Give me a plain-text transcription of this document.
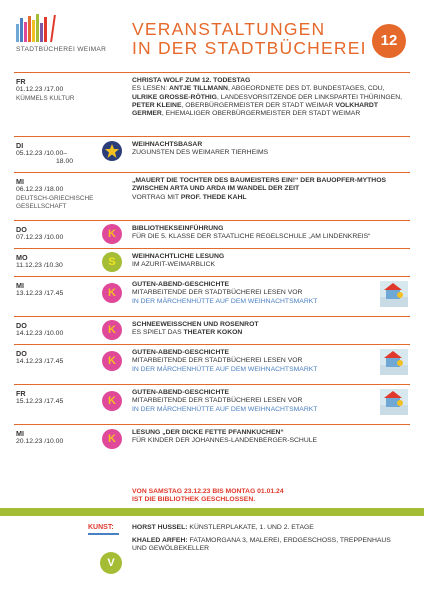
STADTBÜCHEREI WEIMAR
VERANSTALTUNGEN
IN DER STADTBÜCHEREI 12
FR
01.12.23 /17.00
KÜMMELS KULTUR
CHRISTA WOLF ZUM 12. TODESTAG
ES LESEN: ANTJE TILLMANN, ABGEORDNETE DES DT. BUNDESTAGES, CDU, ULRIKE GROSSE-RÖTHIG, LANDESVORSITZENDE DER LINKSPARTEI THÜRINGEN, PETER KLEINE, OBERBÜRGERMEISTER DER STADT WEIMAR VOLKHARDT GERMER, EHEMALIGER OBERBÜRGERMEISTER DER STADT WEIMAR
DI
05.12.23 /10.00–
18.00
WEIHNACHTSBASAR
ZUGUNSTEN DES WEIMARER TIERHEIMS
MI
06.12.23 /18.00
DEUTSCH-GRIECHISCHE GESELLSCHAFT
„MAUERT DIE TOCHTER DES BAUMEISTERS EIN!“ DER BAUOPFER-MYTHOS ZWISCHEN ARTA UND ARDA IM WANDEL DER ZEIT
VORTRAG MIT PROF. THEDE KAHL
DO
07.12.23 /10.00	K	BIBLIOTHEKSEINFÜHRUNG
FÜR DIE 5. KLASSE DER STAATLICHE REGELSCHULE „AM LINDENKREIS“
MO
11.12.23 /10.30	S	WEIHNACHTLICHE LESUNG
IM AZURIT-WEIMARBLICK
MI
13.12.23 /17.45	K
GUTEN-ABEND-GESCHICHTE
MITARBEITENDE DER STADTBÜCHEREI LESEN VOR
IN DER MÄRCHENHÜTTE AUF DEM WEIHNACHTSMARKT
DO
14.12.23 /10.00	K	SCHNEEWEISSCHEN UND ROSENROT
ES SPIELT DAS THEATER KOKON
DO
14.12.23 /17.45	K
GUTEN-ABEND-GESCHICHTE
MITARBEITENDE DER STADTBÜCHEREI LESEN VOR
IN DER MÄRCHENHÜTTE AUF DEM WEIHNACHTSMARKT
FR
15.12.23 /17.45	K
GUTEN-ABEND-GESCHICHTE
MITARBEITENDE DER STADTBÜCHEREI LESEN VOR
IN DER MÄRCHENHÜTTE AUF DEM WEIHNACHTSMARKT
MI
20.12.23 /10.00	K
LESUNG „DER DICKE FETTE PFANNKUCHEN“
FÜR KINDER DER JOHANNES-LANDENBERGER-SCHULE
VON SAMSTAG 23.12.23 BIS MONTAG 01.01.24
IST DIE BIBLIOTHEK GESCHLOSSEN.
KUNST:	HORST HUSSEL: KÜNSTLERPLAKATE, 1. UND 2. ETAGE
KHALED ARFEH: FATAMORGANA 3, MALEREI, ERDGESCHOSS, TREPPENHAUS UND GEWÖLBEKELLER
V
